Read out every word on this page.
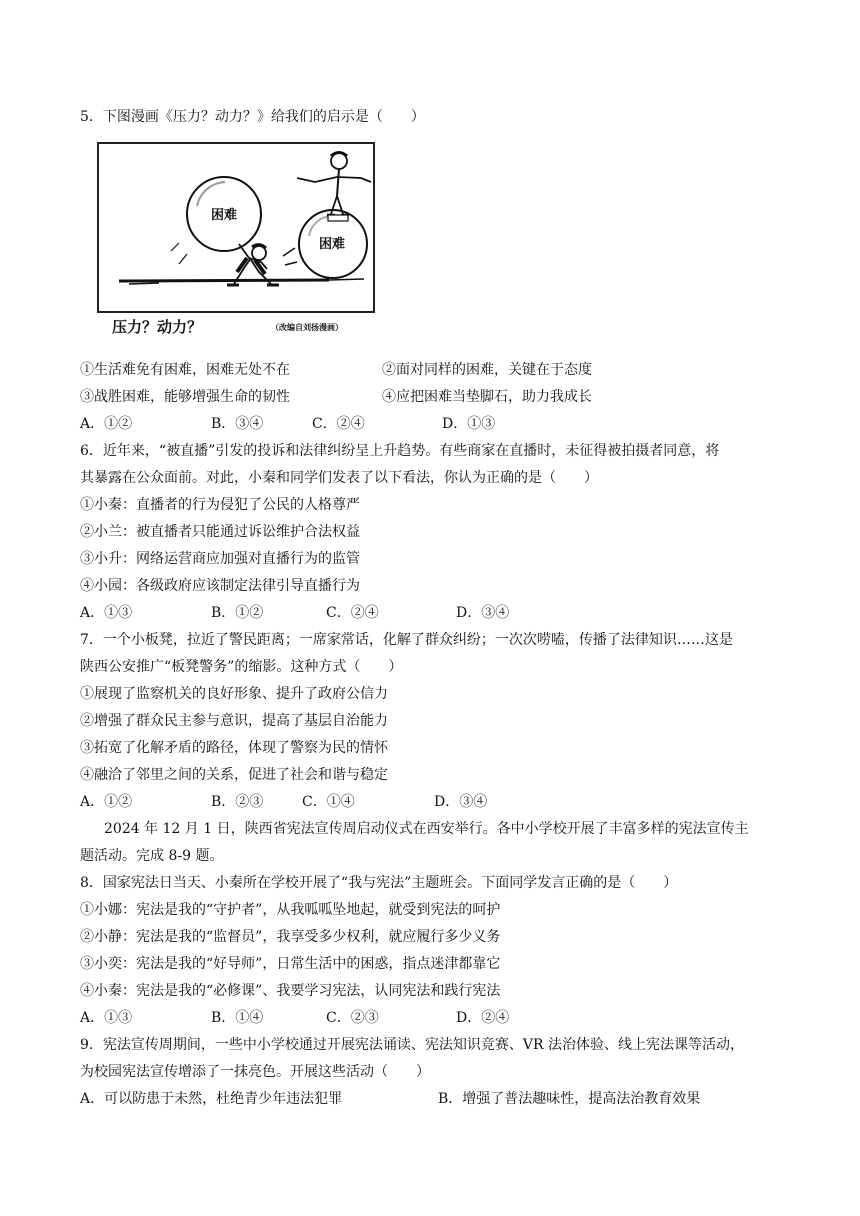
5．下图漫画《压力？动力？》给我们的启示是（　　）
困难
困难
压力？动力？	（改编自刘扬漫画）
①生活难免有困难，困难无处不在	②面对同样的困难，关键在于态度
③战胜困难，能够增强生命的韧性	④应把困难当垫脚石，助力我成长
A．①②	B．③④	C．②④	D．①③
6．近年来，“被直播”引发的投诉和法律纠纷呈上升趋势。有些商家在直播时，未征得被拍摄者同意，将
其暴露在公众面前。对此，小秦和同学们发表了以下看法，你认为正确的是（　　）
①小秦：直播者的行为侵犯了公民的人格尊严
②小兰：被直播者只能通过诉讼维护合法权益
③小升：网络运营商应加强对直播行为的监管
④小园：各级政府应该制定法律引导直播行为
A．①③	B．①②	C．②④	D．③④
7．一个小板凳，拉近了警民距离；一席家常话，化解了群众纠纷；一次次唠嗑，传播了法律知识……这是
陕西公安推广“板凳警务”的缩影。这种方式（　　）
①展现了监察机关的良好形象、提升了政府公信力
②增强了群众民主参与意识，提高了基层自治能力
③拓宽了化解矛盾的路径，体现了警察为民的情怀
④融洽了邻里之间的关系，促进了社会和谐与稳定
A．①②	B．②③	C．①④	D．③④
2024 年 12 月 1 日，陕西省宪法宣传周启动仪式在西安举行。各中小学校开展了丰富多样的宪法宣传主
题活动。完成 8-9 题。
8．国家宪法日当天、小秦所在学校开展了“我与宪法”主题班会。下面同学发言正确的是（　　）
①小娜：宪法是我的“守护者”，从我呱呱坠地起，就受到宪法的呵护
②小静：宪法是我的“监督员”，我享受多少权利，就应履行多少义务
③小奕：宪法是我的“好导师”，日常生活中的困惑，指点迷津都靠它
④小秦：宪法是我的“必修课”、我要学习宪法，认同宪法和践行宪法
A．①③	B．①④	C．②③	D．②④
9．宪法宣传周期间，一些中小学校通过开展宪法诵读、宪法知识竞赛、VR 法治体验、线上宪法课等活动，
为校园宪法宣传增添了一抹亮色。开展这些活动（　　）
A．可以防患于未然，杜绝青少年违法犯罪	B．增强了普法趣味性，提高法治教育效果
